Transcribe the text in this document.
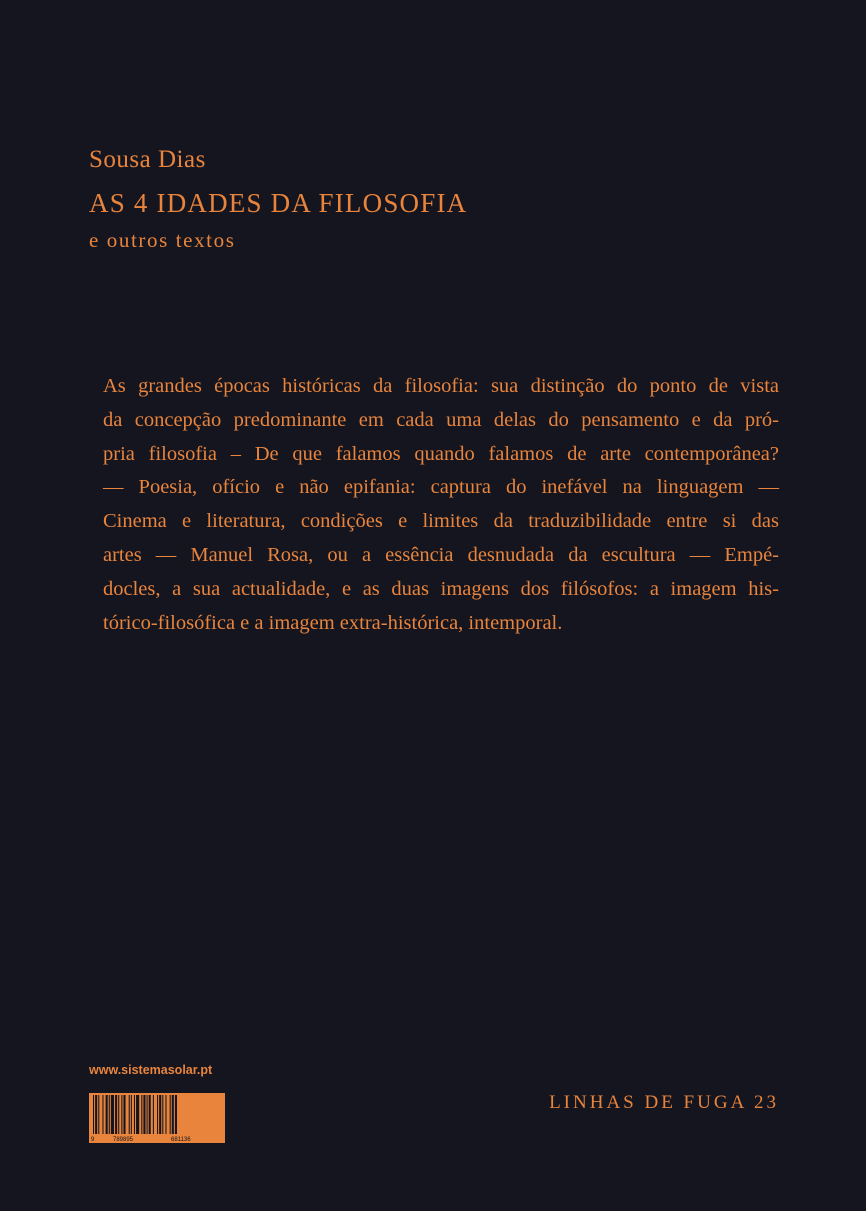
Sousa Dias
AS 4 IDADES DA FILOSOFIA
e outros textos
As grandes épocas históricas da filosofia: sua distinção do ponto de vista
da concepção predominante em cada uma delas do pensamento e da pró-
pria filosofia – De que falamos quando falamos de arte contemporânea?
— Poesia, ofício e não epifania: captura do inefável na linguagem —
Cinema e literatura, condições e limites da traduzibilidade entre si das
artes — Manuel Rosa, ou a essência desnudada da escultura — Empé-
docles, a sua actualidade, e as duas imagens dos filósofos: a imagem his-
tórico-filosófica e a imagem extra-histórica, intemporal.
www.sistemasolar.pt
9	789895	681136
LINHAS DE FUGA 23
